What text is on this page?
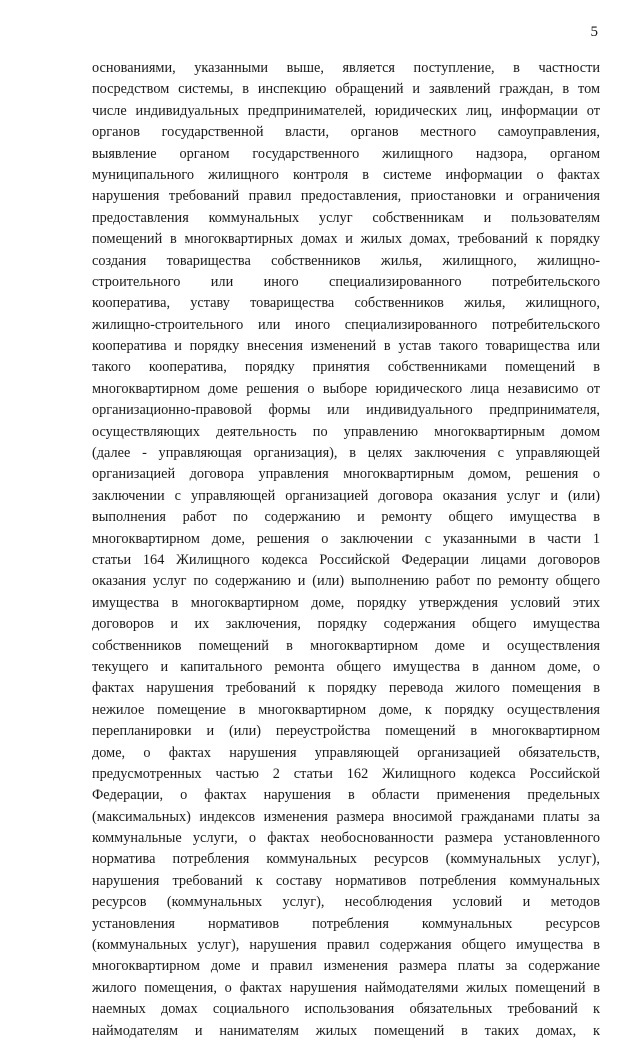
5
основаниями, указанными выше, является поступление, в частности
посредством системы, в инспекцию обращений и заявлений граждан, в том
числе индивидуальных предпринимателей, юридических лиц, информации от
органов государственной власти, органов местного самоуправления,
выявление органом государственного жилищного надзора, органом
муниципального жилищного контроля в системе информации о фактах
нарушения требований правил предоставления, приостановки и ограничения
предоставления коммунальных услуг собственникам и пользователям
помещений в многоквартирных домах и жилых домах, требований к порядку
создания товарищества собственников жилья, жилищного, жилищно-
строительного или иного специализированного потребительского
кооператива, уставу товарищества собственников жилья, жилищного,
жилищно-строительного или иного специализированного потребительского
кооператива и порядку внесения изменений в устав такого товарищества или
такого кооператива, порядку принятия собственниками помещений в
многоквартирном доме решения о выборе юридического лица независимо от
организационно-правовой формы или индивидуального предпринимателя,
осуществляющих деятельность по управлению многоквартирным домом
(далее - управляющая организация), в целях заключения с управляющей
организацией договора управления многоквартирным домом, решения о
заключении с управляющей организацией договора оказания услуг и (или)
выполнения работ по содержанию и ремонту общего имущества в
многоквартирном доме, решения о заключении с указанными в части 1
статьи 164 Жилищного кодекса Российской Федерации лицами договоров
оказания услуг по содержанию и (или) выполнению работ по ремонту общего
имущества в многоквартирном доме, порядку утверждения условий этих
договоров и их заключения, порядку содержания общего имущества
собственников помещений в многоквартирном доме и осуществления
текущего и капитального ремонта общего имущества в данном доме, о
фактах нарушения требований к порядку перевода жилого помещения в
нежилое помещение в многоквартирном доме, к порядку осуществления
перепланировки и (или) переустройства помещений в многоквартирном
доме, о фактах нарушения управляющей организацией обязательств,
предусмотренных частью 2 статьи 162 Жилищного кодекса Российской
Федерации, о фактах нарушения в области применения предельных
(максимальных) индексов изменения размера вносимой гражданами платы за
коммунальные услуги, о фактах необоснованности размера установленного
норматива потребления коммунальных ресурсов (коммунальных услуг),
нарушения требований к составу нормативов потребления коммунальных
ресурсов (коммунальных услуг), несоблюдения условий и методов
установления нормативов потребления коммунальных ресурсов
(коммунальных услуг), нарушения правил содержания общего имущества в
многоквартирном доме и правил изменения размера платы за содержание
жилого помещения, о фактах нарушения наймодателями жилых помещений в
наемных домах социального использования обязательных требований к
наймодателям и нанимателям жилых помещений в таких домах, к
